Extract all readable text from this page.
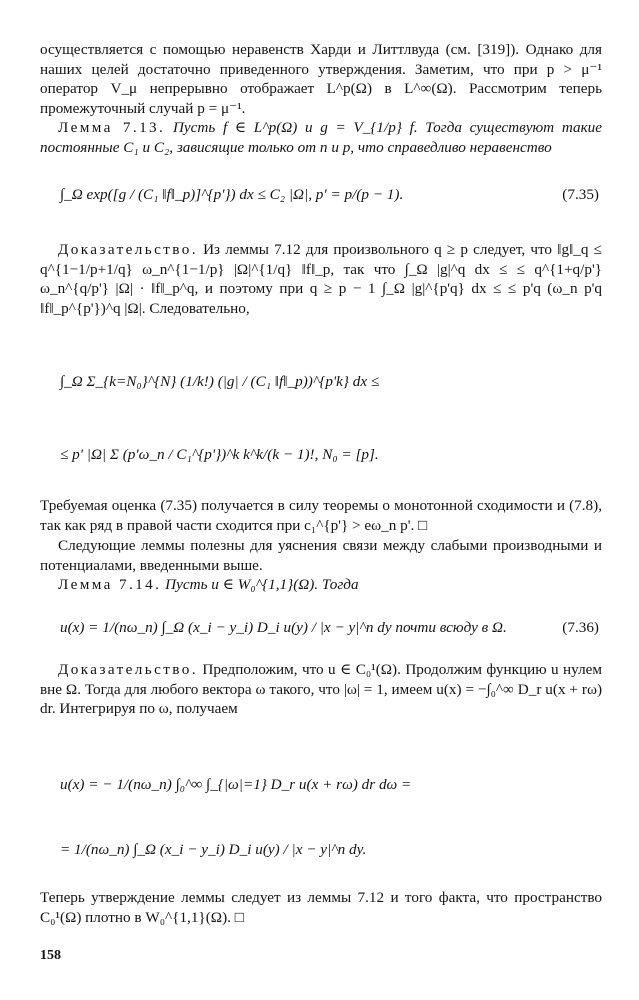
осуществляется с помощью неравенств Харди и Литтлвуда (см. [319]). Однако для наших целей достаточно приведенного утверждения. Заметим, что при p > μ⁻¹ оператор V_μ непрерывно отображает L^p(Ω) в L^∞(Ω). Рассмотрим теперь промежуточный случай p = μ⁻¹.

Лемма 7.13. Пусть f ∈ L^p(Ω) и g = V_{1/p} f. Тогда существуют такие постоянные C₁ и C₂, зависящие только от n и p, что справедливо неравенство

∫_Ω exp([g / (C₁ ‖f‖_p)]^{p'}) dx ≤ C₂ |Ω|, p' = p/(p − 1).	(7.35)

Доказательство. Из леммы 7.12 для произвольного q ≥ p следует, что ‖g‖_q ≤ q^{1−1/p+1/q} ω_n^{1−1/p} |Ω|^{1/q} ‖f‖_p, так что ∫_Ω |g|^q dx ≤ ≤ q^{1+q/p'} ω_n^{q/p'} |Ω| · ‖f‖_p^q, и поэтому при q ≥ p − 1 ∫_Ω |g|^{p'q} dx ≤ ≤ p'q (ω_n p'q ‖f‖_p^{p'})^q |Ω|. Следовательно,

∫_Ω Σ_{k=N₀}^{N} (1/k!) (|g| / (C₁ ‖f‖_p))^{p'k} dx ≤
≤ p' |Ω| Σ (p'ω_n / C₁^{p'})^k k^k/(k − 1)!, N₀ = [p].

Требуемая оценка (7.35) получается в силу теоремы о монотонной сходимости и (7.8), так как ряд в правой части сходится при c₁^{p'} > eω_n p'. □

Следующие леммы полезны для уяснения связи между слабыми производными и потенциалами, введенными выше.

Лемма 7.14. Пусть u ∈ W₀^{1,1}(Ω). Тогда

u(x) = 1/(nω_n) ∫_Ω (x_i − y_i) D_i u(y) / |x − y|^n dy почти всюду в Ω.	(7.36)

Доказательство. Предположим, что u ∈ C₀¹(Ω). Продолжим функцию u нулем вне Ω. Тогда для любого вектора ω такого, что |ω| = 1, имеем u(x) = −∫₀^∞ D_r u(x + rω) dr. Интегрируя по ω, получаем

u(x) = − 1/(nω_n) ∫₀^∞ ∫_{|ω|=1} D_r u(x + rω) dr dω =
= 1/(nω_n) ∫_Ω (x_i − y_i) D_i u(y) / |x − y|^n dy.

Теперь утверждение леммы следует из леммы 7.12 и того факта, что пространство C₀¹(Ω) плотно в W₀^{1,1}(Ω). □

158
